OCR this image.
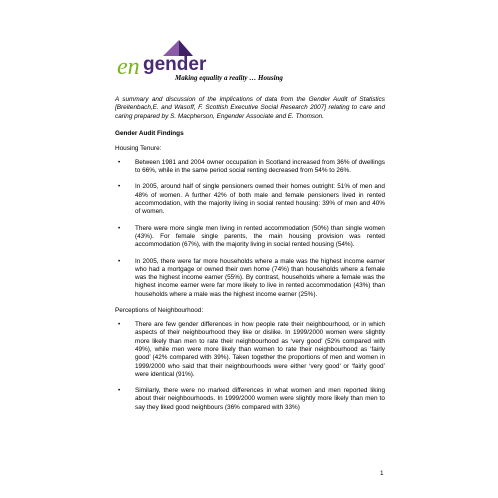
en gender
Making equality a reality … Housing

A summary and discussion of the implications of data from the Gender Audit of Statistics [Breitenbach,E. and Wasoff, F. Scottish Executive Social Research 2007] relating to care and caring prepared by S. Macpherson, Engender Associate and E. Thomson.

Gender Audit Findings

Housing Tenure:

• Between 1981 and 2004 owner occupation in Scotland increased from 36% of dwellings to 66%, while in the same period social renting decreased from 54% to 26%.
• In 2005, around half of single pensioners owned their homes outright: 51% of men and 48% of women. A further 42% of both male and female pensioners lived in rented accommodation, with the majority living in social rented housing: 39% of men and 40% of women.
• There were more single men living in rented accommodation (50%) than single women (43%). For female single parents, the main housing provision was rented accommodation (67%), with the majority living in social rented housing (54%).
• In 2005, there were far more households where a male was the highest income earner who had a mortgage or owned their own home (74%) than households where a female was the highest income earner (55%). By contrast, households where a female was the highest income earner were far more likely to live in rented accommodation (43%) than households where a male was the highest income earner (25%).

Perceptions of Neighbourhood:

• There are few gender differences in how people rate their neighbourhood, or in which aspects of their neighbourhood they like or dislike. In 1999/2000 women were slightly more likely than men to rate their neighbourhood as ‘very good’ (52% compared with 49%), while men were more likely than women to rate their neighbourhood as ‘fairly good’ (42% compared with 39%). Taken together the proportions of men and women in 1999/2000 who said that their neighbourhoods were either ‘very good’ or ‘fairly good’ were identical (91%).
• Similarly, there were no marked differences in what women and men reported liking about their neighbourhoods. In 1999/2000 women were slightly more likely than men to say they liked good neighbours (36% compared with 33%)
1
